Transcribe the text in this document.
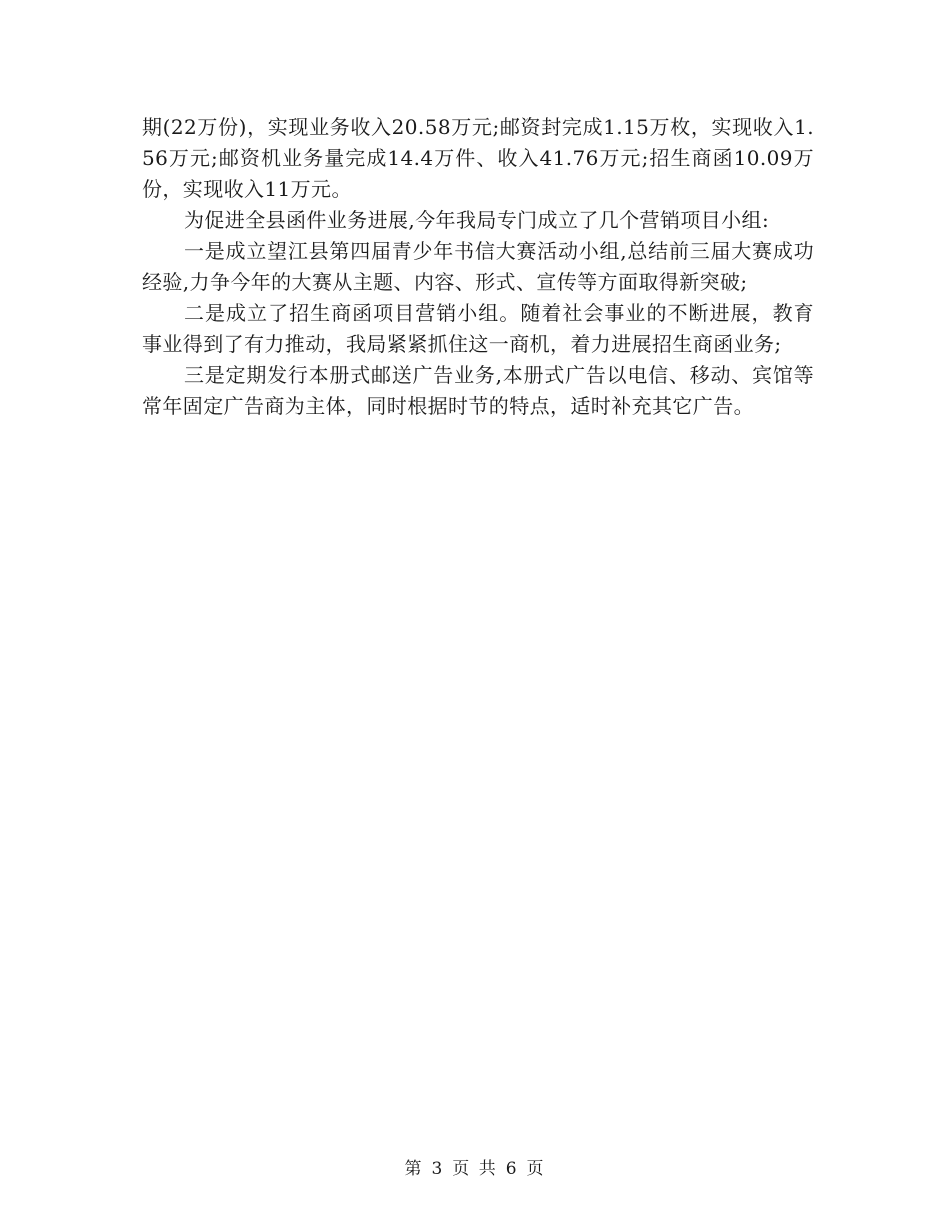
期(22万份)，实现业务收入20.58万元;邮资封完成1.15万枚，实现收入1.56万元;邮资机业务量完成14.4万件、收入41.76万元;招生商函10.09万份，实现收入11万元。

为促进全县函件业务进展,今年我局专门成立了几个营销项目小组:

一是成立望江县第四届青少年书信大赛活动小组,总结前三届大赛成功经验,力争今年的大赛从主题、内容、形式、宣传等方面取得新突破;

二是成立了招生商函项目营销小组。随着社会事业的不断进展，教育事业得到了有力推动，我局紧紧抓住这一商机，着力进展招生商函业务;

三是定期发行本册式邮送广告业务,本册式广告以电信、移动、宾馆等常年固定广告商为主体，同时根据时节的特点，适时补充其它广告。

第 3 页 共 6 页
